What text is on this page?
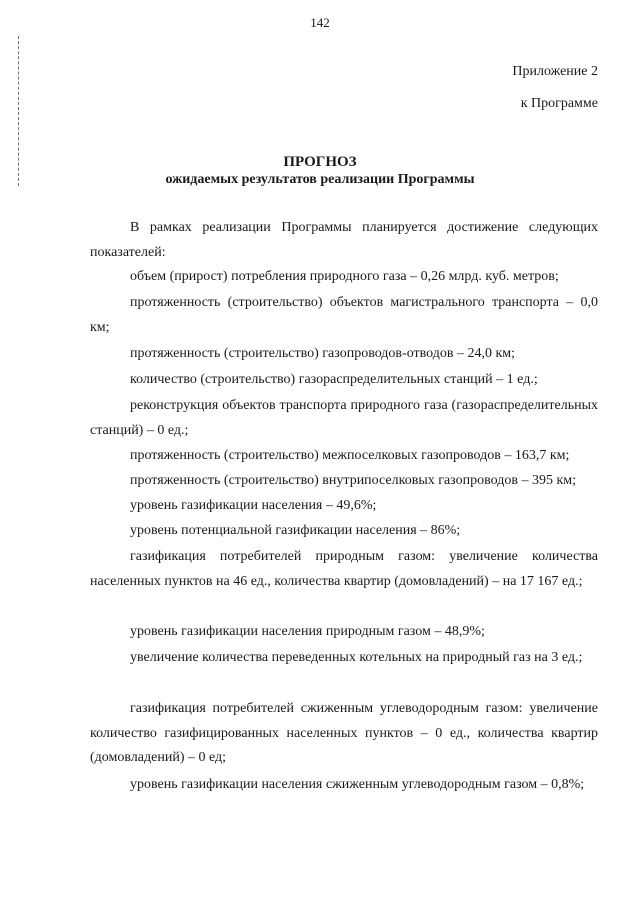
142
Приложение 2
к Программе
ПРОГНОЗ
ожидаемых результатов реализации Программы
В рамках реализации Программы планируется достижение следующих показателей:
объем (прирост) потребления природного газа – 0,26 млрд. куб. метров;
протяженность (строительство) объектов магистрального транспорта – 0,0 км;
протяженность (строительство) газопроводов-отводов – 24,0 км;
количество (строительство) газораспределительных станций – 1 ед.;
реконструкция объектов транспорта природного газа (газораспределительных станций) – 0 ед.;
протяженность (строительство) межпоселковых газопроводов – 163,7 км;
протяженность (строительство) внутрипоселковых газопроводов – 395 км;
уровень газификации населения – 49,6%;
уровень потенциальной газификации населения – 86%;
газификация потребителей природным газом: увеличение количества населенных пунктов на 46 ед., количества квартир (домовладений) – на 17 167 ед.;
уровень газификации населения природным газом – 48,9%;
увеличение количества переведенных котельных на природный газ на 3 ед.;
газификация потребителей сжиженным углеводородным газом: увеличение количество газифицированных населенных пунктов – 0 ед., количества квартир (домовладений) – 0 ед;
уровень газификации населения сжиженным углеводородным газом – 0,8%;
